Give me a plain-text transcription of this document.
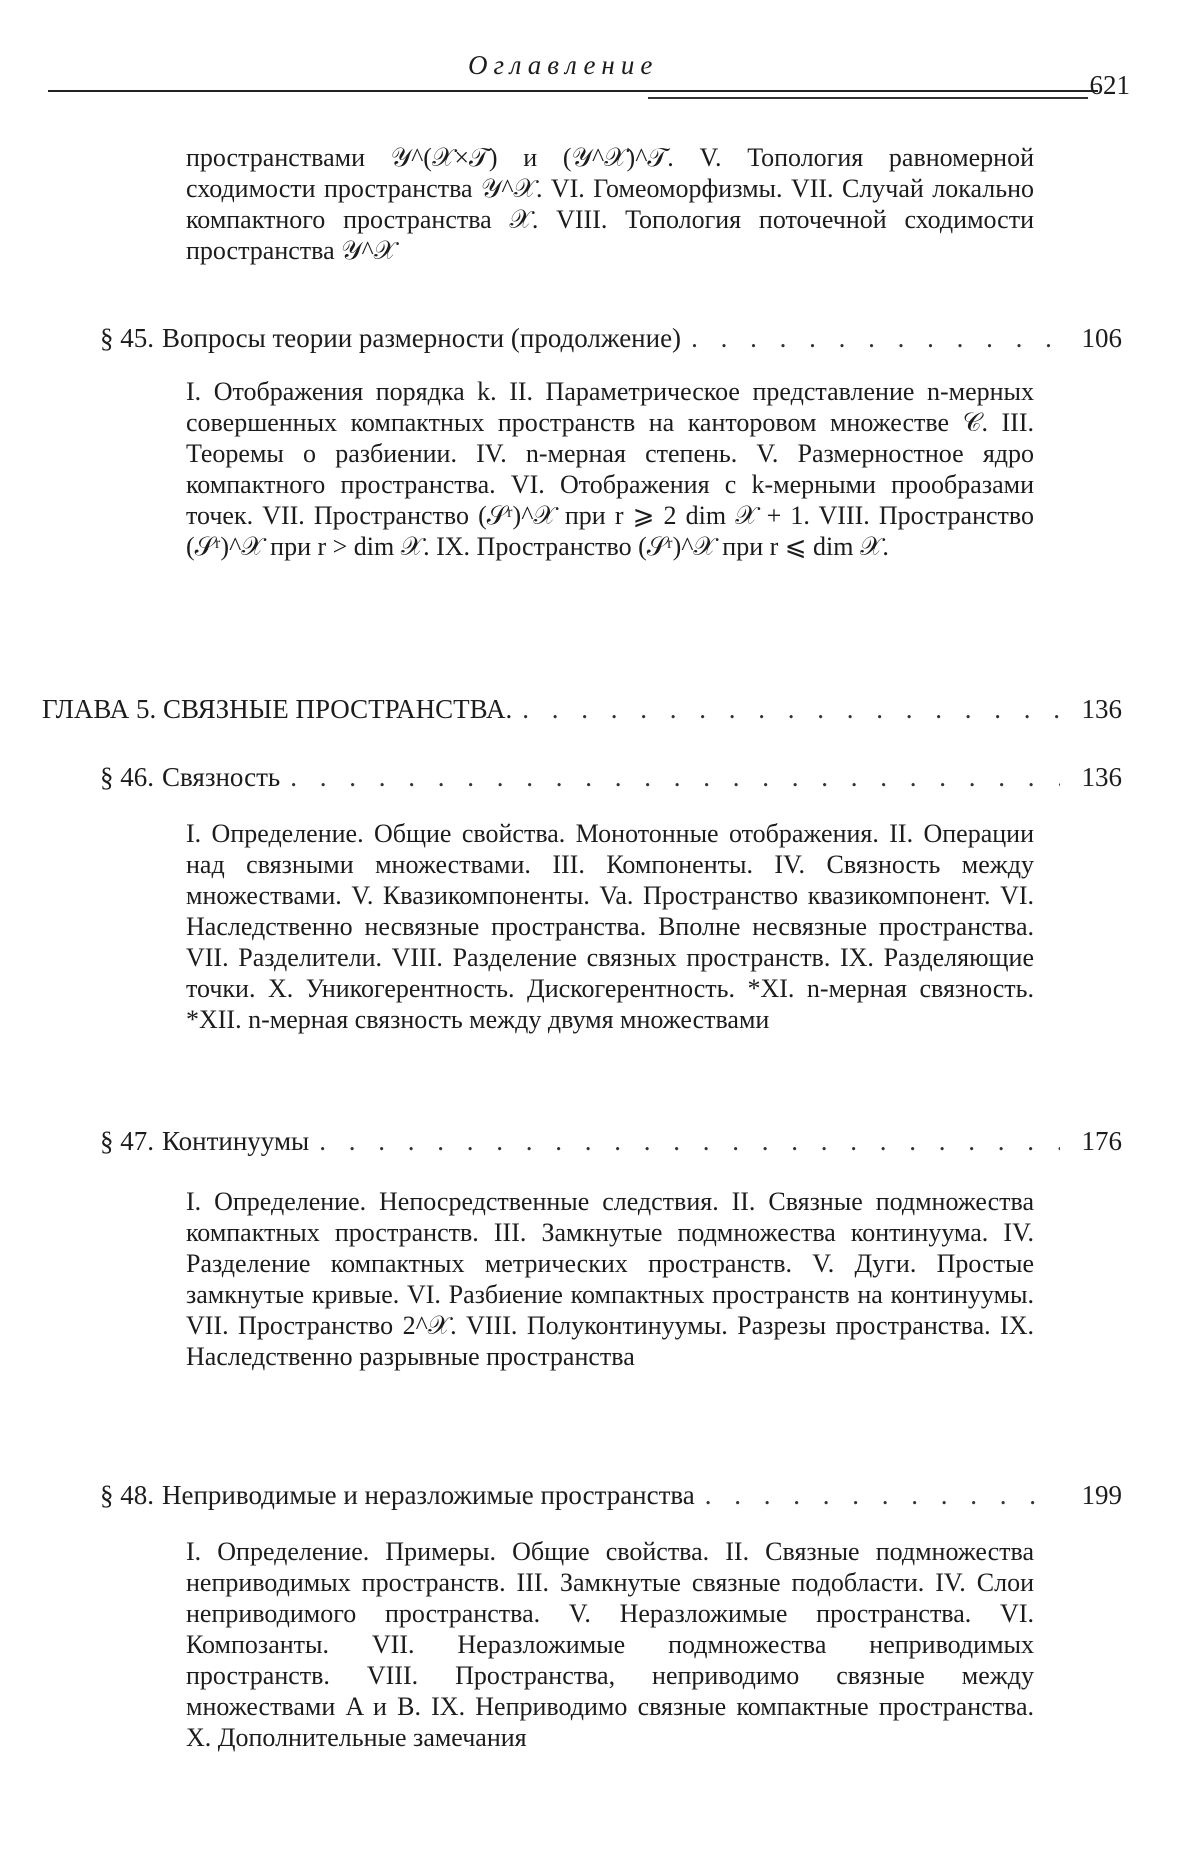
Оглавление
621
пространствами 𝒴^(𝒳×𝒯) и (𝒴^𝒳)^𝒯. V. Топология равномерной сходимости пространства 𝒴^𝒳. VI. Гомеоморфизмы. VII. Случай локально компактного пространства 𝒳. VIII. Топология поточечной сходимости пространства 𝒴^𝒳
§ 45. Вопросы теории размерности (продолжение) . . .	106
I. Отображения порядка k. II. Параметрическое представление n-мерных совершенных компактных пространств на канторовом множестве 𝒞. III. Теоремы о разбиении. IV. n-мерная степень. V. Размерностное ядро компактного пространства. VI. Отображения с k-мерными прообразами точек. VII. Пространство (𝒮ʳ)^𝒳 при r ⩾ 2 dim 𝒳 + 1. VIII. Пространство (𝒮ʳ)^𝒳 при r > dim 𝒳. IX. Пространство (𝒮ʳ)^𝒳 при r ⩽ dim 𝒳.
ГЛАВА 5. СВЯЗНЫЕ ПРОСТРАНСТВА. . . .	136
§ 46. Связность . . .	136
I. Определение. Общие свойства. Монотонные отображения. II. Операции над связными множествами. III. Компоненты. IV. Связность между множествами. V. Квазикомпоненты. Va. Пространство квазикомпонент. VI. Наследственно несвязные пространства. Вполне несвязные пространства. VII. Разделители. VIII. Разделение связных пространств. IX. Разделяющие точки. X. Уникогерентность. Дискогерентность. *XI. n-мерная связность. *XII. n-мерная связность между двумя множествами
§ 47. Континуумы . . .	176
I. Определение. Непосредственные следствия. II. Связные подмножества компактных пространств. III. Замкнутые подмножества континуума. IV. Разделение компактных метрических пространств. V. Дуги. Простые замкнутые кривые. VI. Разбиение компактных пространств на континуумы. VII. Пространство 2^𝒳. VIII. Полуконтинуумы. Разрезы пространства. IX. Наследственно разрывные пространства
§ 48. Неприводимые и неразложимые пространства . . .	199
I. Определение. Примеры. Общие свойства. II. Связные подмножества неприводимых пространств. III. Замкнутые связные подобласти. IV. Слои неприводимого пространства. V. Неразложимые пространства. VI. Композанты. VII. Неразложимые подмножества неприводимых пространств. VIII. Пространства, неприводимо связные между множествами A и B. IX. Неприводимо связные компактные пространства. X. Дополнительные замечания
